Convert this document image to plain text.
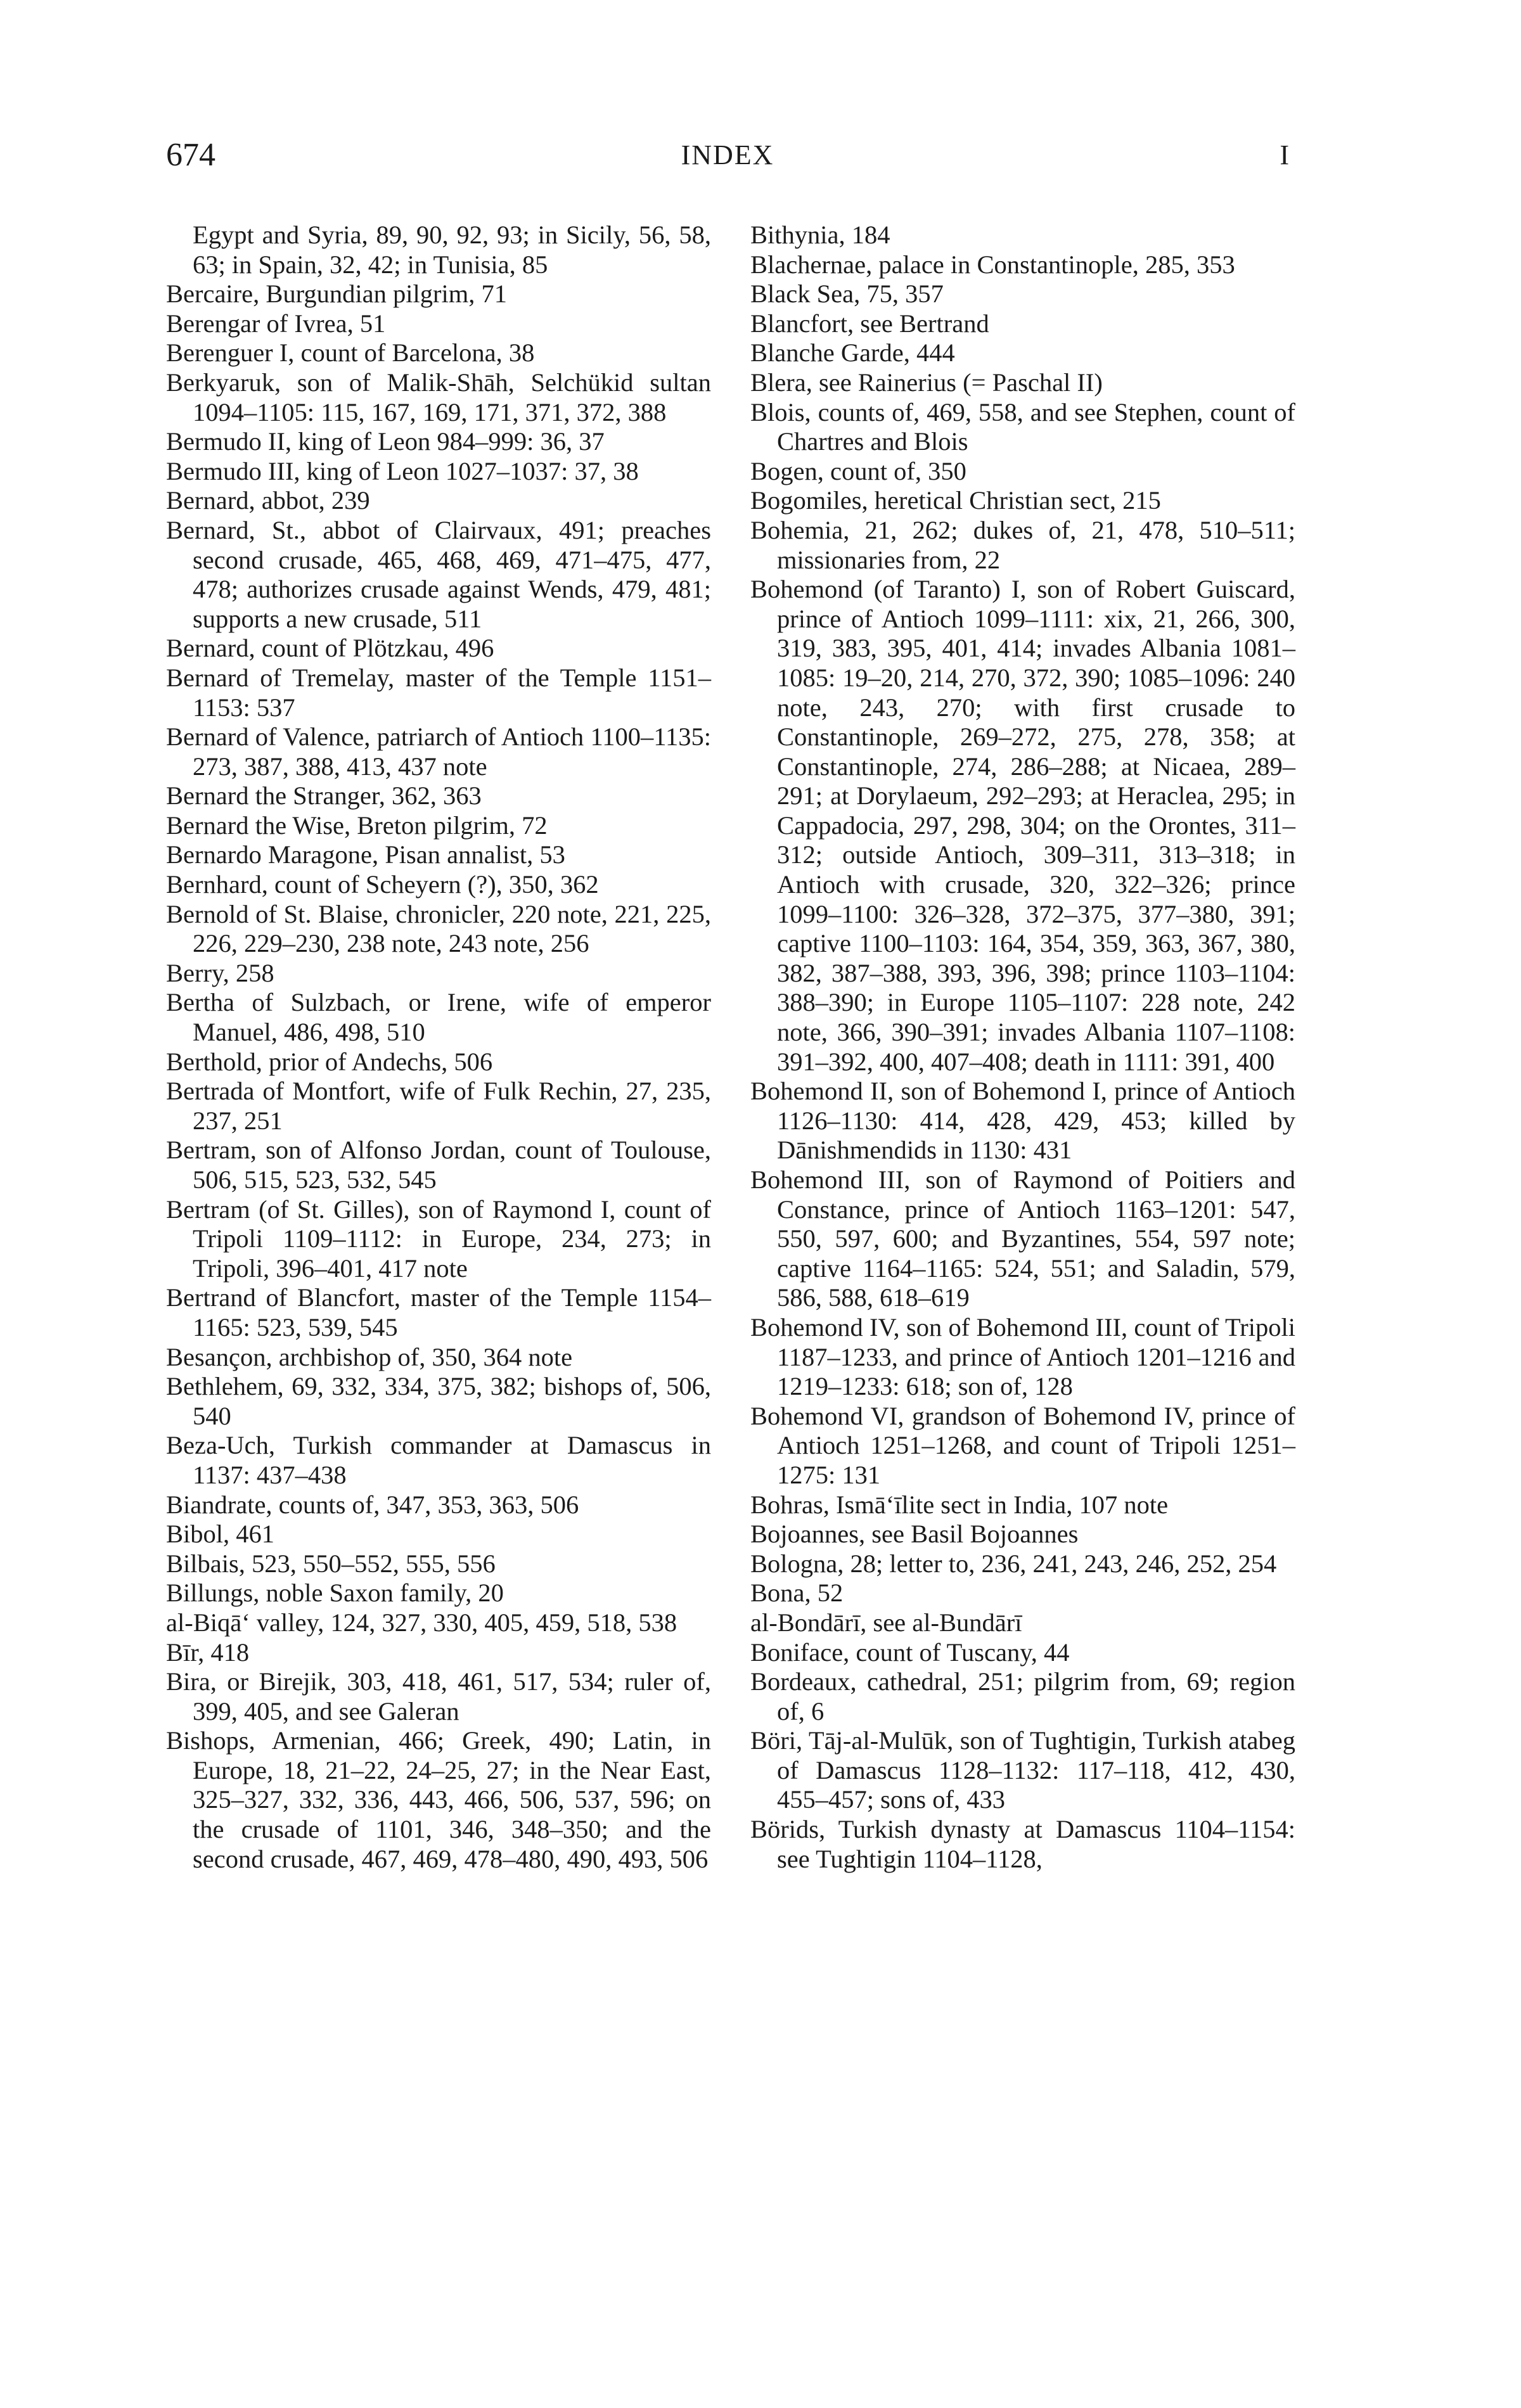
674	INDEX	I

Egypt and Syria, 89, 90, 92, 93; in Sicily, 56, 58, 63; in Spain, 32, 42; in Tunisia, 85

Bercaire, Burgundian pilgrim, 71

Berengar of Ivrea, 51

Berenguer I, count of Barcelona, 38

Berkyaruk, son of Malik-Shāh, Selchükid sultan 1094–1105: 115, 167, 169, 171, 371, 372, 388

Bermudo II, king of Leon 984–999: 36, 37

Bermudo III, king of Leon 1027–1037: 37, 38

Bernard, abbot, 239

Bernard, St., abbot of Clairvaux, 491; preaches second crusade, 465, 468, 469, 471–475, 477, 478; authorizes crusade against Wends, 479, 481; supports a new crusade, 511

Bernard, count of Plötzkau, 496

Bernard of Tremelay, master of the Temple 1151–1153: 537

Bernard of Valence, patriarch of Antioch 1100–1135: 273, 387, 388, 413, 437 note

Bernard the Stranger, 362, 363

Bernard the Wise, Breton pilgrim, 72

Bernardo Maragone, Pisan annalist, 53

Bernhard, count of Scheyern (?), 350, 362

Bernold of St. Blaise, chronicler, 220 note, 221, 225, 226, 229–230, 238 note, 243 note, 256

Berry, 258

Bertha of Sulzbach, or Irene, wife of emperor Manuel, 486, 498, 510

Berthold, prior of Andechs, 506

Bertrada of Montfort, wife of Fulk Rechin, 27, 235, 237, 251

Bertram, son of Alfonso Jordan, count of Toulouse, 506, 515, 523, 532, 545

Bertram (of St. Gilles), son of Raymond I, count of Tripoli 1109–1112: in Europe, 234, 273; in Tripoli, 396–401, 417 note

Bertrand of Blancfort, master of the Temple 1154–1165: 523, 539, 545

Besançon, archbishop of, 350, 364 note

Bethlehem, 69, 332, 334, 375, 382; bishops of, 506, 540

Beza-Uch, Turkish commander at Damascus in 1137: 437–438

Biandrate, counts of, 347, 353, 363, 506

Bibol, 461

Bilbais, 523, 550–552, 555, 556

Billungs, noble Saxon family, 20

al-Biqā‘ valley, 124, 327, 330, 405, 459, 518, 538

Bīr, 418

Bira, or Birejik, 303, 418, 461, 517, 534; ruler of, 399, 405, and see Galeran

Bishops, Armenian, 466; Greek, 490; Latin, in Europe, 18, 21–22, 24–25, 27; in the Near East, 325–327, 332, 336, 443, 466, 506, 537, 596; on the crusade of 1101, 346, 348–350; and the second crusade, 467, 469, 478–480, 490, 493, 506

Bithynia, 184

Blachernae, palace in Constantinople, 285, 353

Black Sea, 75, 357

Blancfort, see Bertrand

Blanche Garde, 444

Blera, see Rainerius (= Paschal II)

Blois, counts of, 469, 558, and see Stephen, count of Chartres and Blois

Bogen, count of, 350

Bogomiles, heretical Christian sect, 215

Bohemia, 21, 262; dukes of, 21, 478, 510–511; missionaries from, 22

Bohemond (of Taranto) I, son of Robert Guiscard, prince of Antioch 1099–1111: xix, 21, 266, 300, 319, 383, 395, 401, 414; invades Albania 1081–1085: 19–20, 214, 270, 372, 390; 1085–1096: 240 note, 243, 270; with first crusade to Constantinople, 269–272, 275, 278, 358; at Constantinople, 274, 286–288; at Nicaea, 289–291; at Dorylaeum, 292–293; at Heraclea, 295; in Cappadocia, 297, 298, 304; on the Orontes, 311–312; outside Antioch, 309–311, 313–318; in Antioch with crusade, 320, 322–326; prince 1099–1100: 326–328, 372–375, 377–380, 391; captive 1100–1103: 164, 354, 359, 363, 367, 380, 382, 387–388, 393, 396, 398; prince 1103–1104: 388–390; in Europe 1105–1107: 228 note, 242 note, 366, 390–391; invades Albania 1107–1108: 391–392, 400, 407–408; death in 1111: 391, 400

Bohemond II, son of Bohemond I, prince of Antioch 1126–1130: 414, 428, 429, 453; killed by Dānishmendids in 1130: 431

Bohemond III, son of Raymond of Poitiers and Constance, prince of Antioch 1163–1201: 547, 550, 597, 600; and Byzantines, 554, 597 note; captive 1164–1165: 524, 551; and Saladin, 579, 586, 588, 618–619

Bohemond IV, son of Bohemond III, count of Tripoli 1187–1233, and prince of Antioch 1201–1216 and 1219–1233: 618; son of, 128

Bohemond VI, grandson of Bohemond IV, prince of Antioch 1251–1268, and count of Tripoli 1251–1275: 131

Bohras, Ismā‘īlite sect in India, 107 note

Bojoannes, see Basil Bojoannes

Bologna, 28; letter to, 236, 241, 243, 246, 252, 254

Bona, 52

al-Bondārī, see al-Bundārī

Boniface, count of Tuscany, 44

Bordeaux, cathedral, 251; pilgrim from, 69; region of, 6

Böri, Tāj-al-Mulūk, son of Tughtigin, Turkish atabeg of Damascus 1128–1132: 117–118, 412, 430, 455–457; sons of, 433

Börids, Turkish dynasty at Damascus 1104–1154: see Tughtigin 1104–1128,
